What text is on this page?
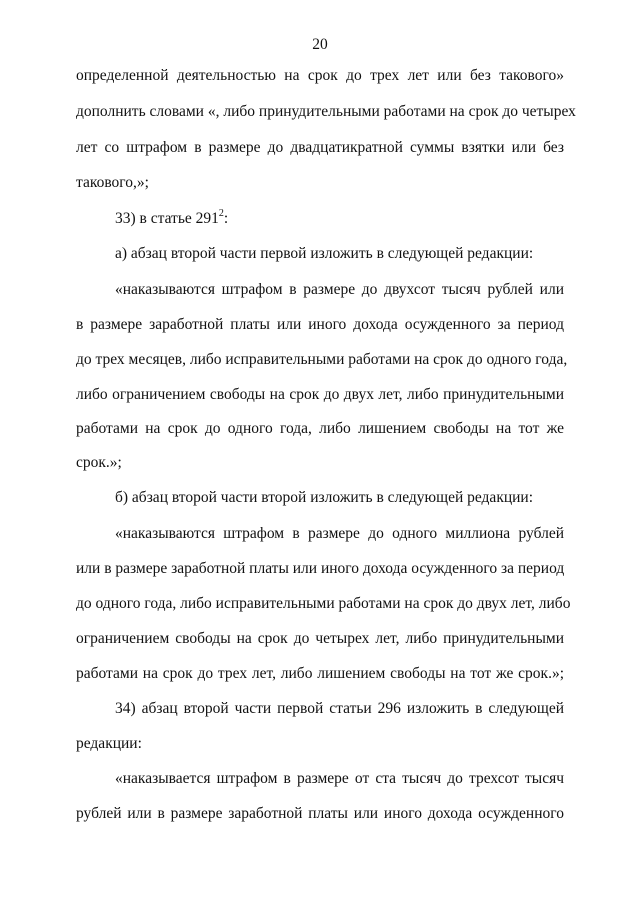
20
определенной деятельностью на срок до трех лет или без такового»
дополнить словами «, либо принудительными работами на срок до четырех
лет со штрафом в размере до двадцатикратной суммы взятки или без
такового,»;
33) в статье $291^2$:
а) абзац второй части первой изложить в следующей редакции:
«наказываются штрафом в размере до двухсот тысяч рублей или
в размере заработной платы или иного дохода осужденного за период
до трех месяцев, либо исправительными работами на срок до одного года,
либо ограничением свободы на срок до двух лет, либо принудительными
работами на срок до одного года, либо лишением свободы на тот же
срок.»;
б) абзац второй части второй изложить в следующей редакции:
«наказываются штрафом в размере до одного миллиона рублей
или в размере заработной платы или иного дохода осужденного за период
до одного года, либо исправительными работами на срок до двух лет, либо
ограничением свободы на срок до четырех лет, либо принудительными
работами на срок до трех лет, либо лишением свободы на тот же срок.»;
34) абзац второй части первой статьи 296 изложить в следующей
редакции:
«наказывается штрафом в размере от ста тысяч до трехсот тысяч
рублей или в размере заработной платы или иного дохода осужденного
